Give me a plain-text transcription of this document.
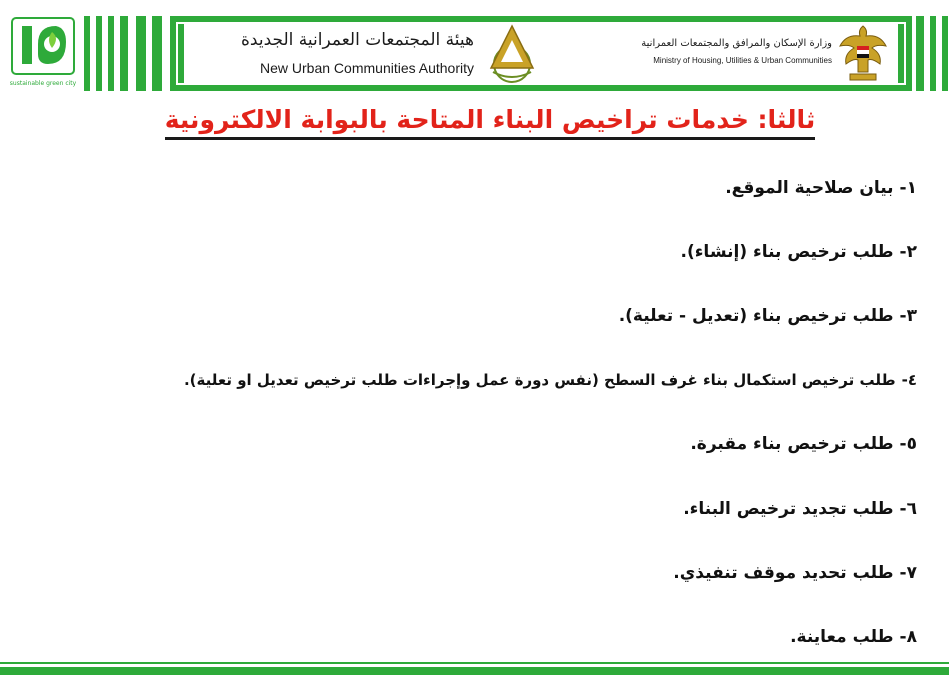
sustainable green city
هيئة المجتمعات العمرانية الجديدة
New Urban Communities Authority
وزارة الإسكان والمرافق والمجتمعات العمرانية
Ministry of Housing, Utilities & Urban Communities
ثالثا: خدمات تراخيص البناء المتاحة بالبوابة الالكترونية
١-بيان صلاحية الموقع.
٢-طلب ترخيص بناء (إنشاء).
٣-طلب ترخيص بناء (تعديل - تعلية).
٤-طلب ترخيص استكمال بناء غرف السطح (نفس دورة عمل وإجراءات طلب ترخيص تعديل او تعلية).
٥-طلب ترخيص بناء مقبرة.
٦-طلب تجديد ترخيص البناء.
٧-طلب تحديد موقف تنفيذي.
٨-طلب معاينة.
